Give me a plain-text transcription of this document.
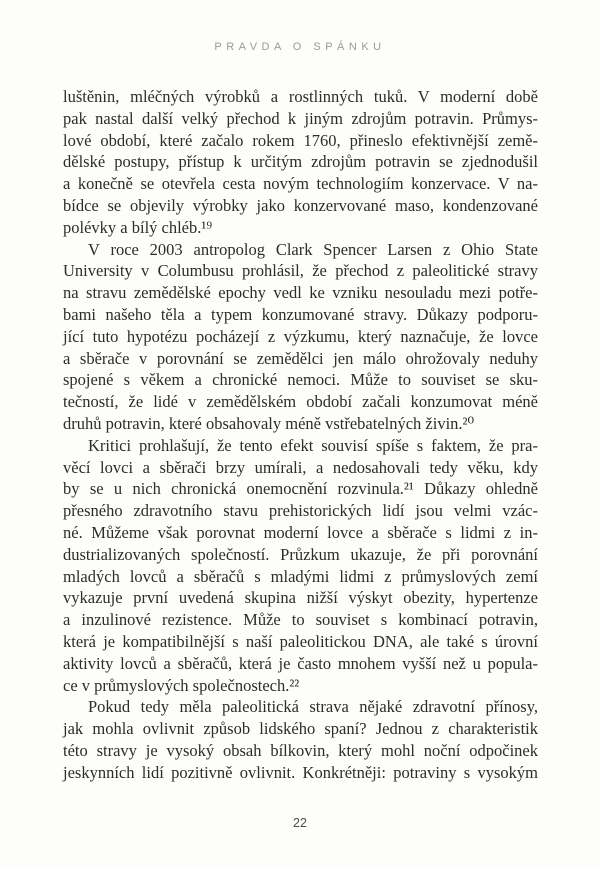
PRAVDA O SPÁNKU
luštěnin, mléčných výrobků a rostlinných tuků. V moderní době
pak nastal další velký přechod k jiným zdrojům potravin. Průmys-
lové období, které začalo rokem 1760, přineslo efektivnější země-
dělské postupy, přístup k určitým zdrojům potravin se zjednodušil
a konečně se otevřela cesta novým technologiím konzervace. V na-
bídce se objevily výrobky jako konzervované maso, kondenzované
polévky a bílý chléb.¹⁹
V roce 2003 antropolog Clark Spencer Larsen z Ohio State
University v Columbusu prohlásil, že přechod z paleolitické stravy
na stravu zemědělské epochy vedl ke vzniku nesouladu mezi potře-
bami našeho těla a typem konzumované stravy. Důkazy podporu-
jící tuto hypotézu pocházejí z výzkumu, který naznačuje, že lovce
a sběrače v porovnání se zemědělci jen málo ohrožovaly neduhy
spojené s věkem a chronické nemoci. Může to souviset se sku-
tečností, že lidé v zemědělském období začali konzumovat méně
druhů potravin, které obsahovaly méně vstřebatelných živin.²⁰
Kritici prohlašují, že tento efekt souvisí spíše s faktem, že pra-
věcí lovci a sběrači brzy umírali, a nedosahovali tedy věku, kdy
by se u nich chronická onemocnění rozvinula.²¹ Důkazy ohledně
přesného zdravotního stavu prehistorických lidí jsou velmi vzác-
né. Můžeme však porovnat moderní lovce a sběrače s lidmi z in-
dustrializovaných společností. Průzkum ukazuje, že při porovnání
mladých lovců a sběračů s mladými lidmi z průmyslových zemí
vykazuje první uvedená skupina nižší výskyt obezity, hypertenze
a inzulinové rezistence. Může to souviset s kombinací potravin,
která je kompatibilnější s naší paleolitickou DNA, ale také s úrovní
aktivity lovců a sběračů, která je často mnohem vyšší než u popula-
ce v průmyslových společnostech.²²
Pokud tedy měla paleolitická strava nějaké zdravotní přínosy,
jak mohla ovlivnit způsob lidského spaní? Jednou z charakteristik
této stravy je vysoký obsah bílkovin, který mohl noční odpočinek
jeskynních lidí pozitivně ovlivnit. Konkrétněji: potraviny s vysokým
22
